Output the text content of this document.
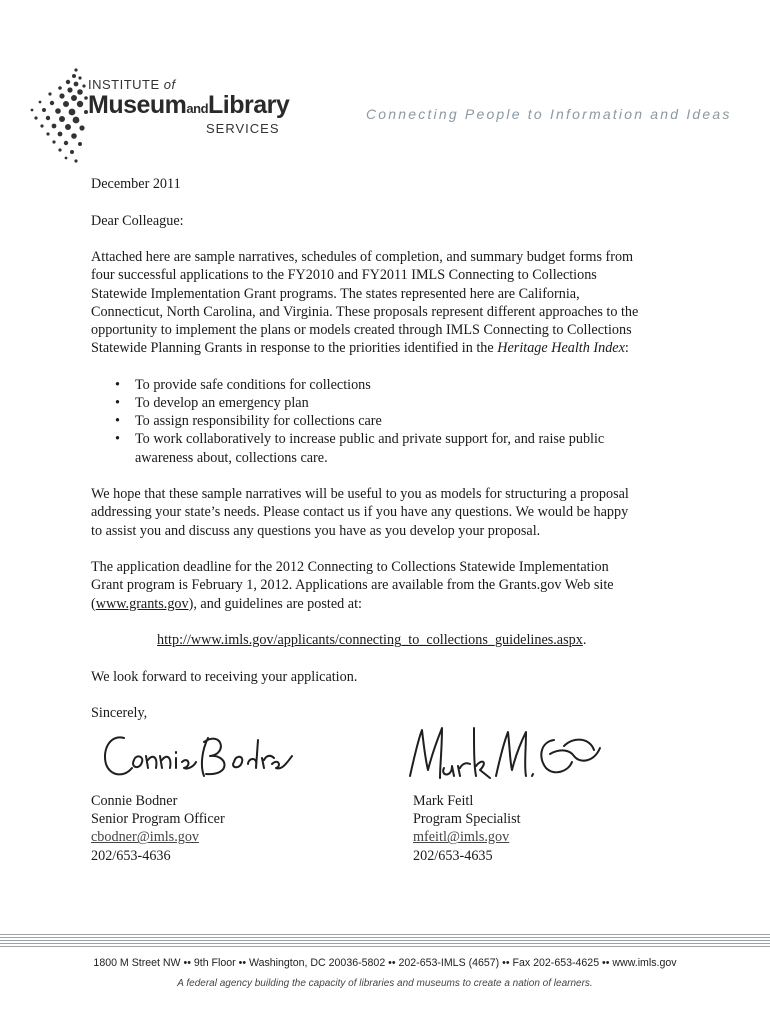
INSTITUTE of
MuseumandLibrary
SERVICES
Connecting People to Information and Ideas

December 2011

Dear Colleague:

Attached here are sample narratives, schedules of completion, and summary budget forms from

four successful applications to the FY2010 and FY2011 IMLS Connecting to Collections

Statewide Implementation Grant programs. The states represented here are California,

Connecticut, North Carolina, and Virginia. These proposals represent different approaches to the

opportunity to implement the plans or models created through IMLS Connecting to Collections

Statewide Planning Grants in response to the priorities identified in the Heritage Health Index:

• To provide safe conditions for collections
• To develop an emergency plan
• To assign responsibility for collections care
• To work collaboratively to increase public and private support for, and raise public
awareness about, collections care.

We hope that these sample narratives will be useful to you as models for structuring a proposal

addressing your state’s needs. Please contact us if you have any questions. We would be happy

to assist you and discuss any questions you have as you develop your proposal.

The application deadline for the 2012 Connecting to Collections Statewide Implementation

Grant program is February 1, 2012. Applications are available from the Grants.gov Web site

(www.grants.gov), and guidelines are posted at:

http://www.imls.gov/applicants/connecting_to_collections_guidelines.aspx.

We look forward to receiving your application.

Sincerely,

Connie Bodner
Senior Program Officer
cbodner@imls.gov
202/653-4636
Mark Feitl
Program Specialist
mfeitl@imls.gov
202/653-4635
1800 M Street NW •• 9th Floor •• Washington, DC 20036-5802 •• 202-653-IMLS (4657) •• Fax 202-653-4625 •• www.imls.gov
A federal agency building the capacity of libraries and museums to create a nation of learners.
